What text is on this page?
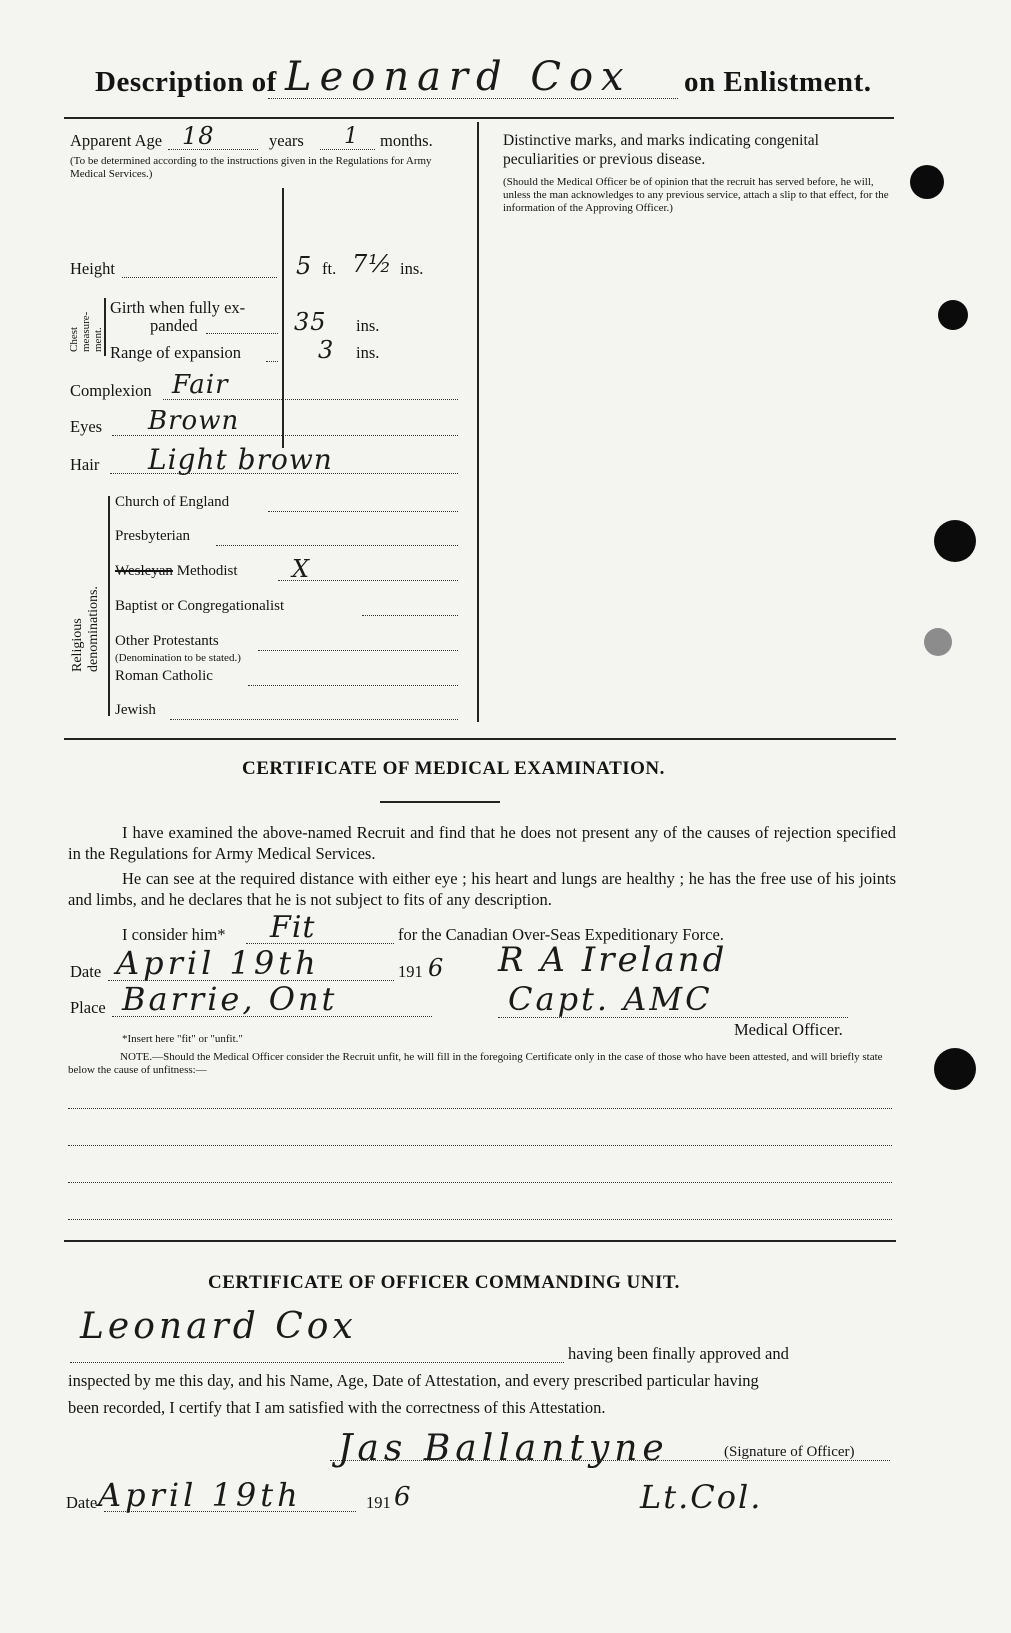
Description of Leonard Cox on Enlistment.
Apparent Age 18	years 1 months.
(To be determined according to the instructions given in the Regulations for Army Medical Services.)
Height	5 ft. 7½ ins.
Chest measure- ment.
Girth when fully ex-
panded	35 ins.
Range of expansion	3 ins.
Complexion Fair
Eyes Brown
Hair Light brown
Religious denominations.
Church of England
Presbyterian
Wesleyan Methodist X
Baptist or Congregationalist
Other Protestants
(Denomination to be stated.)
Roman Catholic
Jewish
Distinctive marks, and marks indicating congenital peculiarities or previous disease.
(Should the Medical Officer be of opinion that the recruit has served before, he will, unless the man acknowledges to any previous service, attach a slip to that effect, for the information of the Approving Officer.)
CERTIFICATE OF MEDICAL EXAMINATION.
I have examined the above-named Recruit and find that he does not present any of the causes of rejection specified in the Regulations for Army Medical Services.
He can see at the required distance with either eye ; his heart and lungs are healthy ; he has the free use of his joints and limbs, and he declares that he is not subject to fits of any description.
I consider him* Fit	for the Canadian Over-Seas Expeditionary Force.
Date April 19th	191 6 R A Ireland
Place Barrie, Ont	Capt. AMC
Medical Officer.
*Insert here "fit" or "unfit."
NOTE.—Should the Medical Officer consider the Recruit unfit, he will fill in the foregoing Certificate only in the case of those who have been attested, and will briefly state below the cause of unfitness:—
CERTIFICATE OF OFFICER COMMANDING UNIT.
Leonard Cox
having been finally approved and
inspected by me this day, and his Name, Age, Date of Attestation, and every prescribed particular having
been recorded, I certify that I am satisfied with the correctness of this Attestation.
Jas Ballantyne	(Signature of Officer)
Lt.Col.
Date April 19th	191 6
